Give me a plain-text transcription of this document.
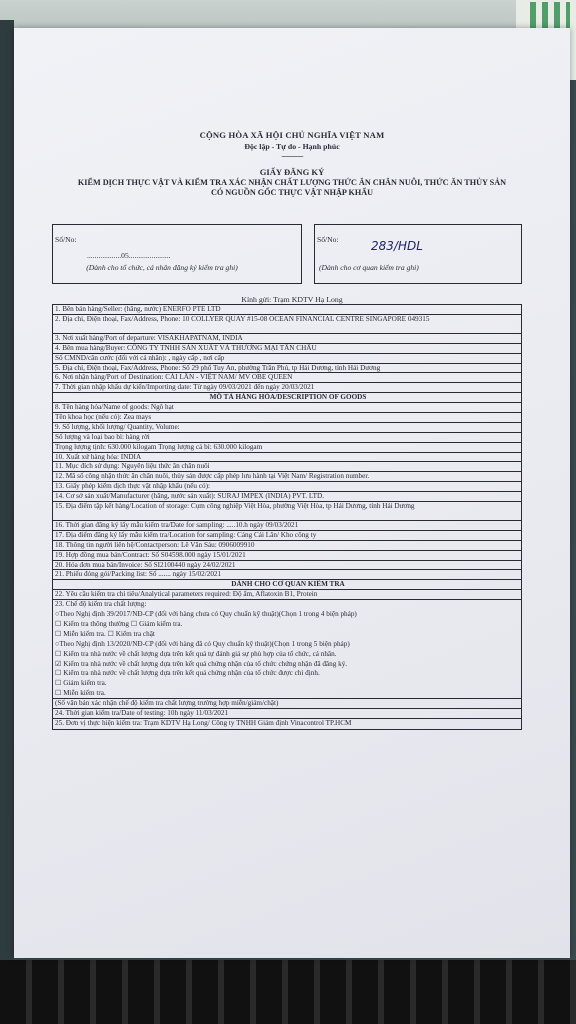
CỘNG HÒA XÃ HỘI CHỦ NGHĨA VIỆT NAM
Độc lập - Tự do - Hạnh phúc
----------------
GIẤY ĐĂNG KÝ
KIỂM DỊCH THỰC VẬT VÀ KIỂM TRA XÁC NHẬN CHẤT LƯỢNG THỨC ĂN CHĂN NUÔI, THỨC ĂN THỦY SẢN CÓ NGUỒN GỐC THỰC VẬT NHẬP KHẨU
Số/No:
..................05......................
(Dành cho tổ chức, cá nhân đăng ký kiểm tra ghi)
Số/No:	283/HDL
(Dành cho cơ quan kiểm tra ghi)
Kính gửi: Trạm KDTV Hạ Long
1. Bên bán hàng/Seller: (hãng, nước) ENERFO PTE LTD
2. Địa chỉ, Điện thoại, Fax/Address, Phone: 10 COLLYER QUAY #15-08 OCEAN FINANCIAL CENTRE SINGAPORE 049315
3. Nơi xuất hàng/Port of departure: VISAKHAPATNAM, INDIA
4. Bên mua hàng/Buyer: CÔNG TY TNHH SẢN XUẤT VÀ THƯƠNG MẠI TÂN CHÂU
Số CMND/căn cước (đối với cá nhân): , ngày cấp , nơi cấp
5. Địa chỉ, Điện thoại, Fax/Address, Phone: Số 29 phố Tuy An, phường Trần Phú, tp Hải Dương, tỉnh Hải Dương
6. Nơi nhận hàng/Port of Destination: CÁI LÂN - VIỆT NAM/ MV OBE QUEEN
7. Thời gian nhập khẩu dự kiến/Importing date: Từ ngày 09/03/2021 đến ngày 20/03/2021
MÔ TẢ HÀNG HÓA/DESCRIPTION OF GOODS
8. Tên hàng hóa/Name of goods: Ngô hạt
Tên khoa học (nếu có): Zea mays
9. Số lượng, khối lượng/ Quantity, Volume:
Số lượng và loại bao bì: hàng rời
Trọng lượng tịnh: 630.000 kilogam Trọng lượng cả bì: 630.000 kilogam
10. Xuất xứ hàng hóa: INDIA
11. Mục đích sử dụng: Nguyên liệu thức ăn chăn nuôi
12. Mã số công nhận thức ăn chăn nuôi, thủy sản được cấp phép lưu hành tại Việt Nam/ Registration number.
13. Giấy phép kiểm dịch thực vật nhập khẩu (nếu có):
14. Cơ sở sản xuất/Manufacturer (hãng, nước sản xuất): SURAJ IMPEX (INDIA) PVT. LTD.
15. Địa điểm tập kết hàng/Location of storage: Cụm công nghiệp Việt Hòa, phường Việt Hòa, tp Hải Dương, tỉnh Hải Dương
16. Thời gian đăng ký lấy mẫu kiểm tra/Date for sampling: .....10.h ngày 09/03/2021
17. Địa điểm đăng ký lấy mẫu kiểm tra/Location for sampling: Cảng Cái Lân/ Kho công ty
18. Thông tin người liên hệ/Contactperson: Lê Văn Sáu: 0906009910
19. Hợp đồng mua bán/Contract: Số S04598.000 ngày 15/01/2021
20. Hóa đơn mua bán/Invoice: Số SI2100440 ngày 24/02/2021
21. Phiếu đóng gói/Packing list: Số ....... ngày 15/02/2021
DÀNH CHO CƠ QUAN KIỂM TRA
22. Yêu cầu kiểm tra chỉ tiêu/Analytical parameters required: Độ ẩm, Aflatoxin B1, Protein
23. Chế độ kiểm tra chất lượng:
○Theo Nghị định 39/2017/NĐ-CP (đối với hàng chưa có Quy chuẩn kỹ thuật)(Chọn 1 trong 4 biện pháp)
☐ Kiểm tra thông thường ☐ Giảm kiểm tra.
☐ Miễn kiểm tra. ☐ Kiểm tra chặt
○Theo Nghị định 13/2020/NĐ-CP (đối với hàng đã có Quy chuẩn kỹ thuật)(Chọn 1 trong 5 biện pháp)
☐ Kiểm tra nhà nước về chất lượng dựa trên kết quả tự đánh giá sự phù hợp của tổ chức, cá nhân.
☑ Kiểm tra nhà nước về chất lượng dựa trên kết quả chứng nhận của tổ chức chứng nhận đã đăng ký.
☐ Kiểm tra nhà nước về chất lượng dựa trên kết quả chứng nhận của tổ chức được chỉ định.
☐ Giảm kiểm tra.
☐ Miễn kiểm tra.
(Số văn bản xác nhận chế độ kiểm tra chất lượng trường hợp miễn/giảm/chặt)
24. Thời gian kiểm tra/Date of testing: 10h ngày 11/03/2021
25. Đơn vị thực hiện kiểm tra: Trạm KDTV Hạ Long/ Công ty TNHH Giám định Vinacontrol TP.HCM
